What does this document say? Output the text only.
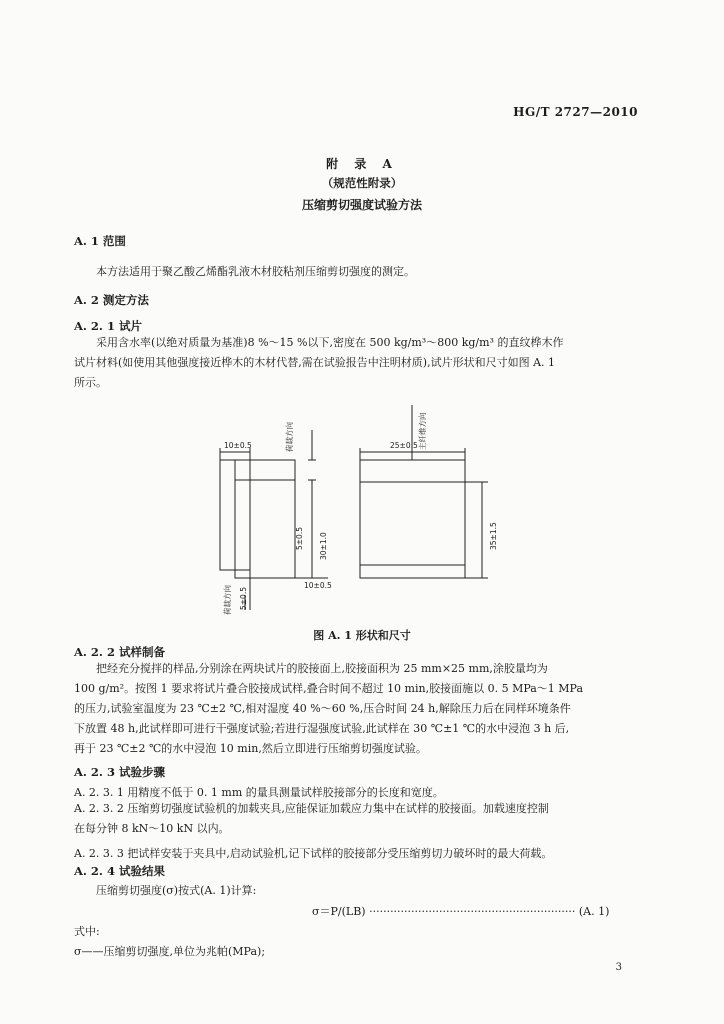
HG/T 2727—2010
附 录 A
（规范性附录）
压缩剪切强度试验方法
A. 1 范围
本方法适用于聚乙酸乙烯酯乳液木材胶粘剂压缩剪切强度的测定。
A. 2 测定方法
A. 2. 1 试片
采用含水率(以绝对质量为基准)8 %～15 %以下,密度在 500 kg/m³～800 kg/m³ 的直纹桦木作
试片材料(如使用其他强度接近桦木的木材代替,需在试验报告中注明材质),试片形状和尺寸如图 A. 1
所示。
10±0.5	25±0.5
10±0.5
5±0.5 30±1.0
5±0.5
35±1.5
荷载方向
荷载方向
主纤维方向
图 A. 1 形状和尺寸
A. 2. 2 试样制备
把经充分搅拌的样品,分别涂在两块试片的胶接面上,胶接面积为 25 mm×25 mm,涂胶量均为
100 g/m²。按图 1 要求将试片叠合胶接成试样,叠合时间不超过 10 min,胶接面施以 0. 5 MPa～1 MPa
的压力,试验室温度为 23 ℃±2 ℃,相对湿度 40 %～60 %,压合时间 24 h,解除压力后在同样环境条件
下放置 48 h,此试样即可进行干强度试验;若进行湿强度试验,此试样在 30 ℃±1 ℃的水中浸泡 3 h 后,
再于 23 ℃±2 ℃的水中浸泡 10 min,然后立即进行压缩剪切强度试验。
A. 2. 3 试验步骤
A. 2. 3. 1 用精度不低于 0. 1 mm 的量具测量试样胶接部分的长度和宽度。
A. 2. 3. 2 压缩剪切强度试验机的加载夹具,应能保证加载应力集中在试样的胶接面。加载速度控制
在每分钟 8 kN～10 kN 以内。
A. 2. 3. 3 把试样安装于夹具中,启动试验机,记下试样的胶接部分受压缩剪切力破坏时的最大荷载。
A. 2. 4 试验结果
压缩剪切强度(σ)按式(A. 1)计算:
σ＝P/(LB) ··························································· (A. 1)
式中:
σ——压缩剪切强度,单位为兆帕(MPa);
3
